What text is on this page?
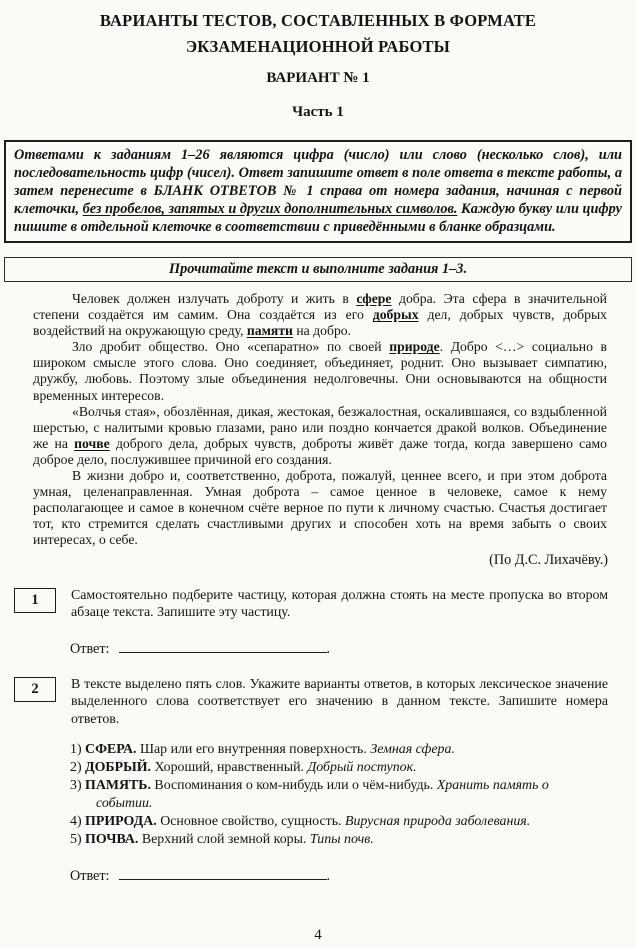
ВАРИАНТЫ ТЕСТОВ, СОСТАВЛЕННЫХ В ФОРМАТЕ
ЭКЗАМЕНАЦИОННОЙ РАБОТЫ
ВАРИАНТ № 1
Часть 1
Ответами к заданиям 1–26 являются цифра (число) или слово (несколько слов), или последовательность цифр (чисел). Ответ запишите ответ в поле ответа в тексте работы, а затем перенесите в БЛАНК ОТВЕТОВ № 1 справа от номера задания, начиная с первой клеточки, без пробелов, запятых и других дополнительных символов. Каждую букву или цифру пишите в отдельной клеточке в соответствии с приведёнными в бланке образцами.
Прочитайте текст и выполните задания 1–3.

Человек должен излучать доброту и жить в сфере добра. Эта сфера в значительной степени создаётся им самим. Она создаётся из его добрых дел, добрых чувств, добрых воздействий на окружающую среду, памяти на добро.

Зло дробит общество. Оно «сепаратно» по своей природе. Добро <…> социально в широком смысле этого слова. Оно соединяет, объединяет, роднит. Оно вызывает симпатию, дружбу, любовь. Поэтому злые объединения недолговечны. Они основываются на общности временных интересов.

«Волчья стая», обозлённая, дикая, жестокая, безжалостная, оскалившаяся, со вздыбленной шерстью, с налитыми кровью глазами, рано или поздно кончается дракой волков. Объединение же на почве доброго дела, добрых чувств, доброты живёт даже тогда, когда завершено само доброе дело, послужившее причиной его создания.

В жизни добро и, соответственно, доброта, пожалуй, ценнее всего, и при этом доброта умная, целенаправленная. Умная доброта – самое ценное в человеке, самое к нему располагающее и самое в конечном счёте верное по пути к личному счастью. Счастья достигает тот, кто стремится сделать счастливыми других и способен хоть на время забыть о своих интересах, о себе.

(По Д.С. Лихачёву.)
1	Самостоятельно подберите частицу, которая должна стоять на месте пропуска во втором абзаце текста. Запишите эту частицу.
Ответ:	.
2	В тексте выделено пять слов. Укажите варианты ответов, в которых лексическое значение выделенного слова соответствует его значению в данном тексте. Запишите номера ответов.
1) СФЕРА. Шар или его внутренняя поверхность. Земная сфера.
2) ДОБРЫЙ. Хороший, нравственный. Добрый поступок.
3) ПАМЯТЬ. Воспоминания о ком-нибудь или о чём-нибудь. Хранить память о событии.
4) ПРИРОДА. Основное свойство, сущность. Вирусная природа заболевания.
5) ПОЧВА. Верхний слой земной коры. Типы почв.
Ответ:	.
4
